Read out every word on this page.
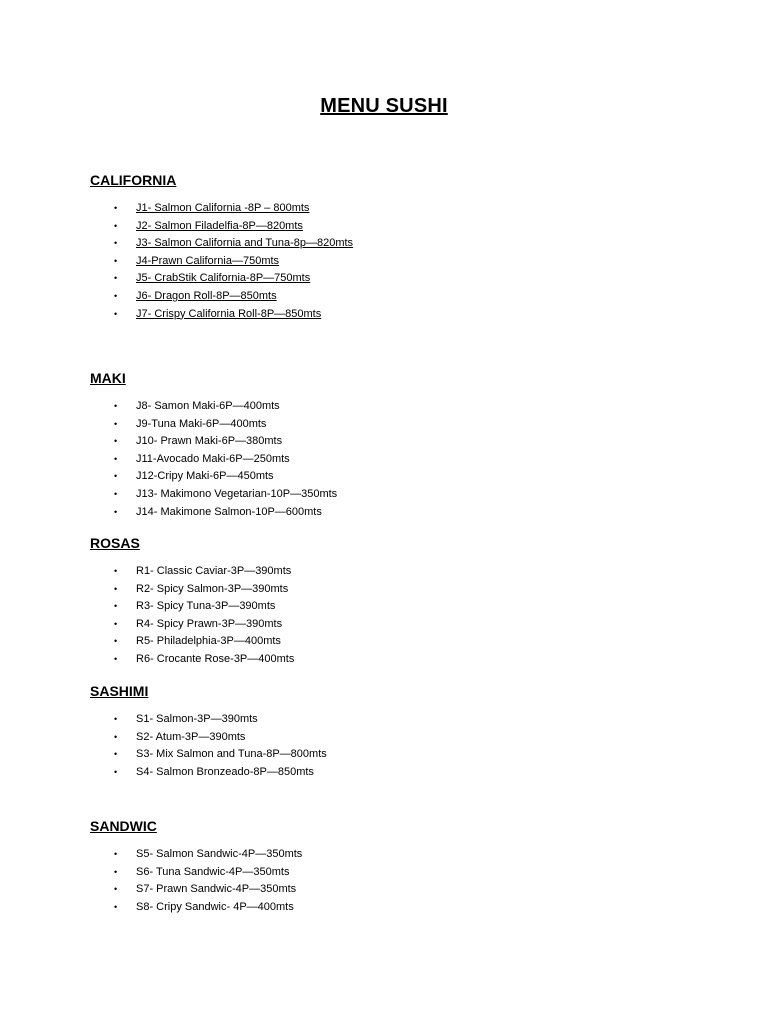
MENU SUSHI
CALIFORNIA
• J1- Salmon California -8P – 800mts
• J2- Salmon Filadelfia-8P—820mts
• J3- Salmon California and Tuna-8p—820mts
• J4-Prawn California—750mts
• J5- CrabStik California-8P—750mts
• J6- Dragon Roll-8P—850mts
• J7- Crispy California Roll-8P—850mts
MAKI
• J8- Samon Maki-6P—400mts
• J9-Tuna Maki-6P—400mts
• J10- Prawn Maki-6P—380mts
• J11-Avocado Maki-6P—250mts
• J12-Cripy Maki-6P—450mts
• J13- Makimono Vegetarian-10P—350mts
• J14- Makimone Salmon-10P—600mts
ROSAS
• R1- Classic Caviar-3P—390mts
• R2- Spicy Salmon-3P—390mts
• R3- Spicy Tuna-3P—390mts
• R4- Spicy Prawn-3P—390mts
• R5- Philadelphia-3P—400mts
• R6- Crocante Rose-3P—400mts
SASHIMI
• S1- Salmon-3P—390mts
• S2- Atum-3P—390mts
• S3- Mix Salmon and Tuna-8P—800mts
• S4- Salmon Bronzeado-8P—850mts
SANDWIC
• S5- Salmon Sandwic-4P—350mts
• S6- Tuna Sandwic-4P—350mts
• S7- Prawn Sandwic-4P—350mts
• S8- Cripy Sandwic- 4P—400mts
